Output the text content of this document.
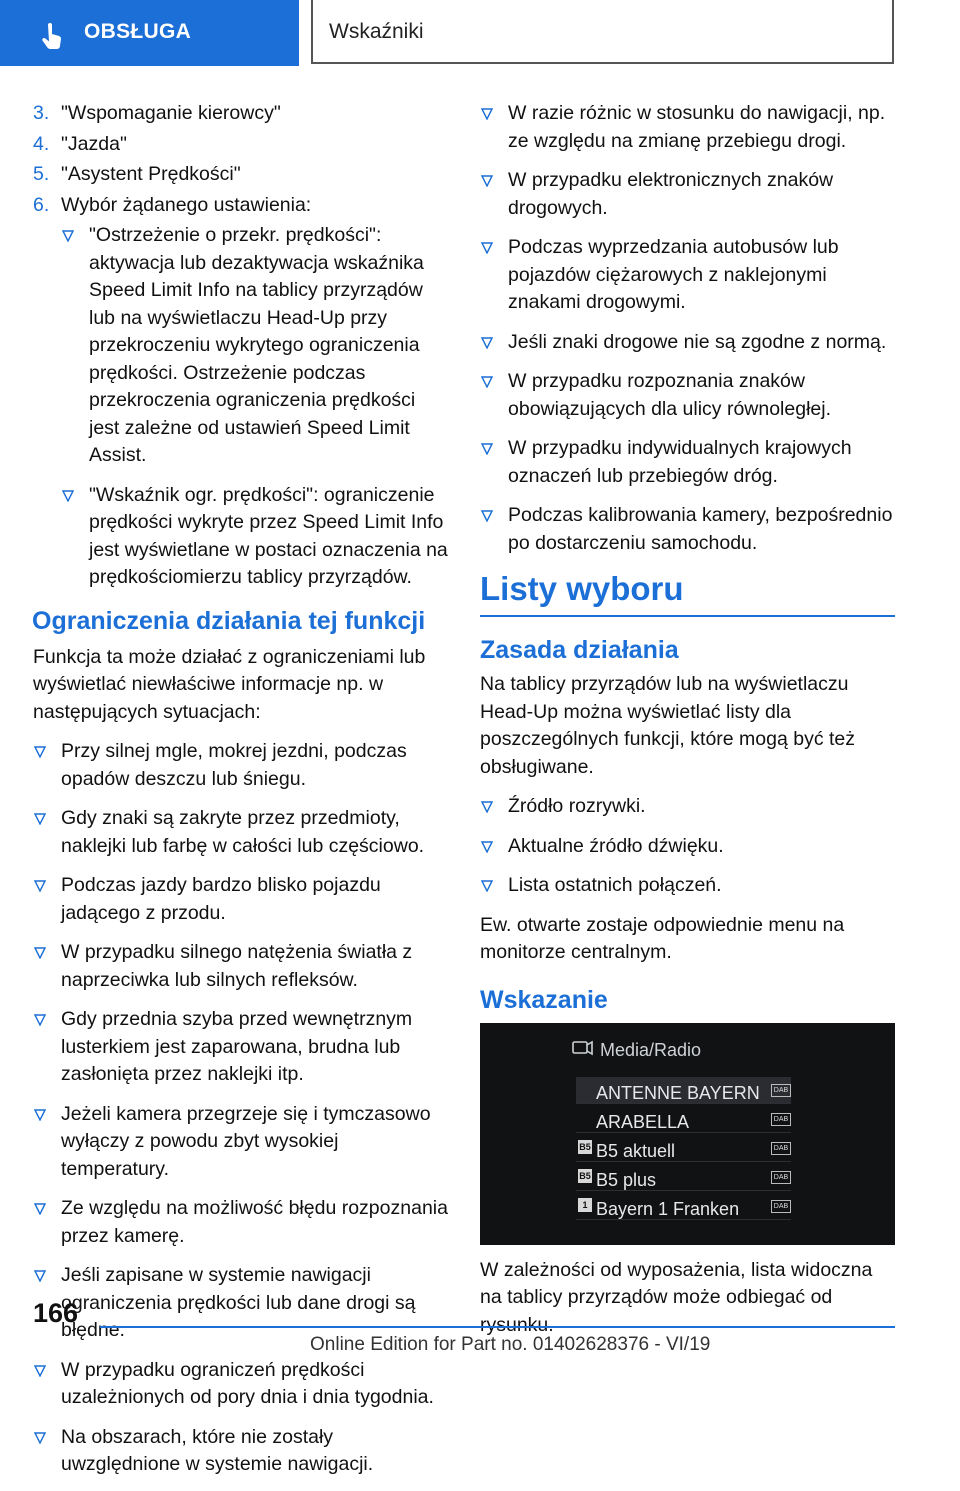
OBSŁUGA	Wskaźniki
3. "Wspomaganie kierowcy"
4. "Jazda"
5. "Asystent Prędkości"
6. Wybór żądanego ustawienia:
"Ostrzeżenie o przekr. prędkości": aktywacja lub dezaktywacja wskaźnika Speed Limit Info na tablicy przyrządów lub na wyświetlaczu Head-Up przy przekroczeniu wykrytego ograniczenia prędkości. Ostrzeżenie podczas przekroczenia ograniczenia prędkości jest zależne od ustawień Speed Limit Assist.
"Wskaźnik ogr. prędkości": ograniczenie prędkości wykryte przez Speed Limit Info jest wyświetlane w postaci oznaczenia na prędkościomierzu tablicy przyrządów.
Ograniczenia działania tej funkcji

Funkcja ta może działać z ograniczeniami lub wyświetlać niewłaściwe informacje np. w następujących sytuacjach:

Przy silnej mgle, mokrej jezdni, podczas opadów deszczu lub śniegu.
Gdy znaki są zakryte przez przedmioty, naklejki lub farbę w całości lub częściowo.
Podczas jazdy bardzo blisko pojazdu jadącego z przodu.
W przypadku silnego natężenia światła z naprzeciwka lub silnych refleksów.
Gdy przednia szyba przed wewnętrznym lusterkiem jest zaparowana, brudna lub zasłonięta przez naklejki itp.
Jeżeli kamera przegrzeje się i tymczasowo wyłączy z powodu zbyt wysokiej temperatury.
Ze względu na możliwość błędu rozpoznania przez kamerę.
Jeśli zapisane w systemie nawigacji ograniczenia prędkości lub dane drogi są błędne.
W przypadku ograniczeń prędkości uzależnionych od pory dnia i dnia tygodnia.
Na obszarach, które nie zostały uwzględnione w systemie nawigacji.
W razie różnic w stosunku do nawigacji, np. ze względu na zmianę przebiegu drogi.
W przypadku elektronicznych znaków drogowych.
Podczas wyprzedzania autobusów lub pojazdów ciężarowych z naklejonymi znakami drogowymi.
Jeśli znaki drogowe nie są zgodne z normą.
W przypadku rozpoznania znaków obowiązujących dla ulicy równoległej.
W przypadku indywidualnych krajowych oznaczeń lub przebiegów dróg.
Podczas kalibrowania kamery, bezpośrednio po dostarczeniu samochodu.
Listy wyboru
Zasada działania

Na tablicy przyrządów lub na wyświetlaczu Head-Up można wyświetlać listy dla poszczególnych funkcji, które mogą być też obsługiwane.

Źródło rozrywki.
Aktualne źródło dźwięku.
Lista ostatnich połączeń.

Ew. otwarte zostaje odpowiednie menu na monitorze centralnym.

Wskazanie
Media/Radio
ANTENNE BAYERN	DAB
ARABELLA	DAB
B5 B5 aktuell	DAB
B5 B5 plus	DAB
1 Bayern 1 Franken	DAB

W zależności od wyposażenia, lista widoczna na tablicy przyrządów może odbiegać od rysunku.

166
Online Edition for Part no. 01402628376 - VI/19
